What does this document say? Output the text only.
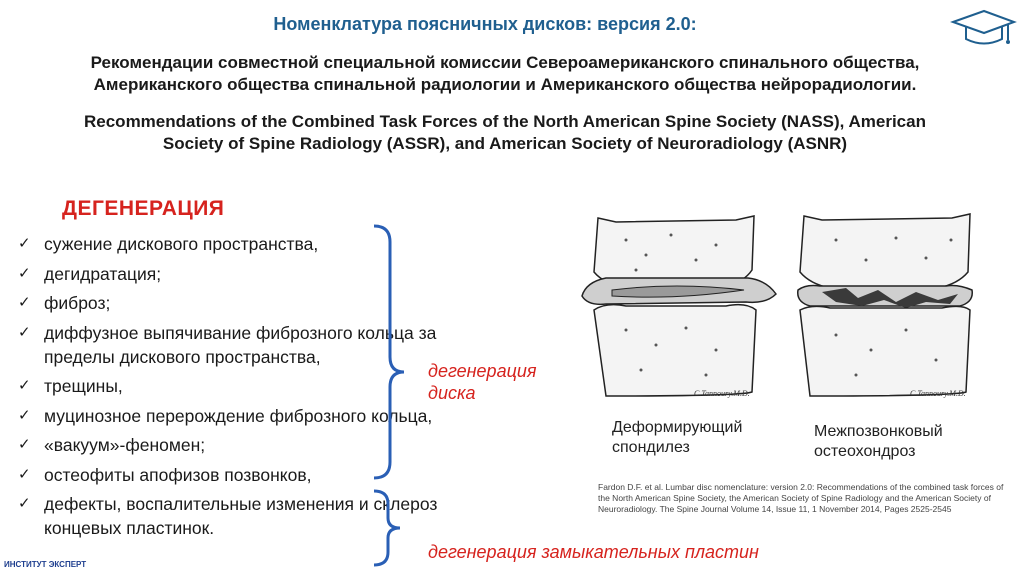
Номенклатура поясничных дисков: версия 2.0:
Рекомендации совместной специальной комиссии Североамериканского спинального общества,
Американского общества спинальной радиологии и Американского общества нейрорадиологии.
Recommendations of the Combined Task Forces of the North American Spine Society (NASS), American
Society of Spine Radiology (ASSR), and American Society of Neuroradiology (ASNR)
ДЕГЕНЕРАЦИЯ
✓ сужение дискового пространства,
✓ дегидратация;
✓ фиброз;
✓ диффузное выпячивание фиброзного кольца за
пределы дискового пространства,
✓ трещины,
✓ муцинозное перерождение фиброзного кольца,
✓ «вакуум»-феномен;
✓ остеофиты апофизов позвонков,
✓ дефекты, воспалительные изменения и склероз
концевых пластинок.
дегенерация
диска
дегенерация замыкательных пластин
C.Tannoury.M.D.	C.Tannoury.M.D.
Деформирующий
спондилез
Межпозвонковый
остеохондроз
Fardon D.F. et al. Lumbar disc nomenclature: version 2.0: Recommendations of the combined task forces of the North American Spine Society, the American Society of Spine Radiology and the American Society of Neuroradiology. The Spine Journal Volume 14, Issue 11, 1 November 2014, Pages 2525-2545
ИНСТИТУТ ЭКСПЕРТ
